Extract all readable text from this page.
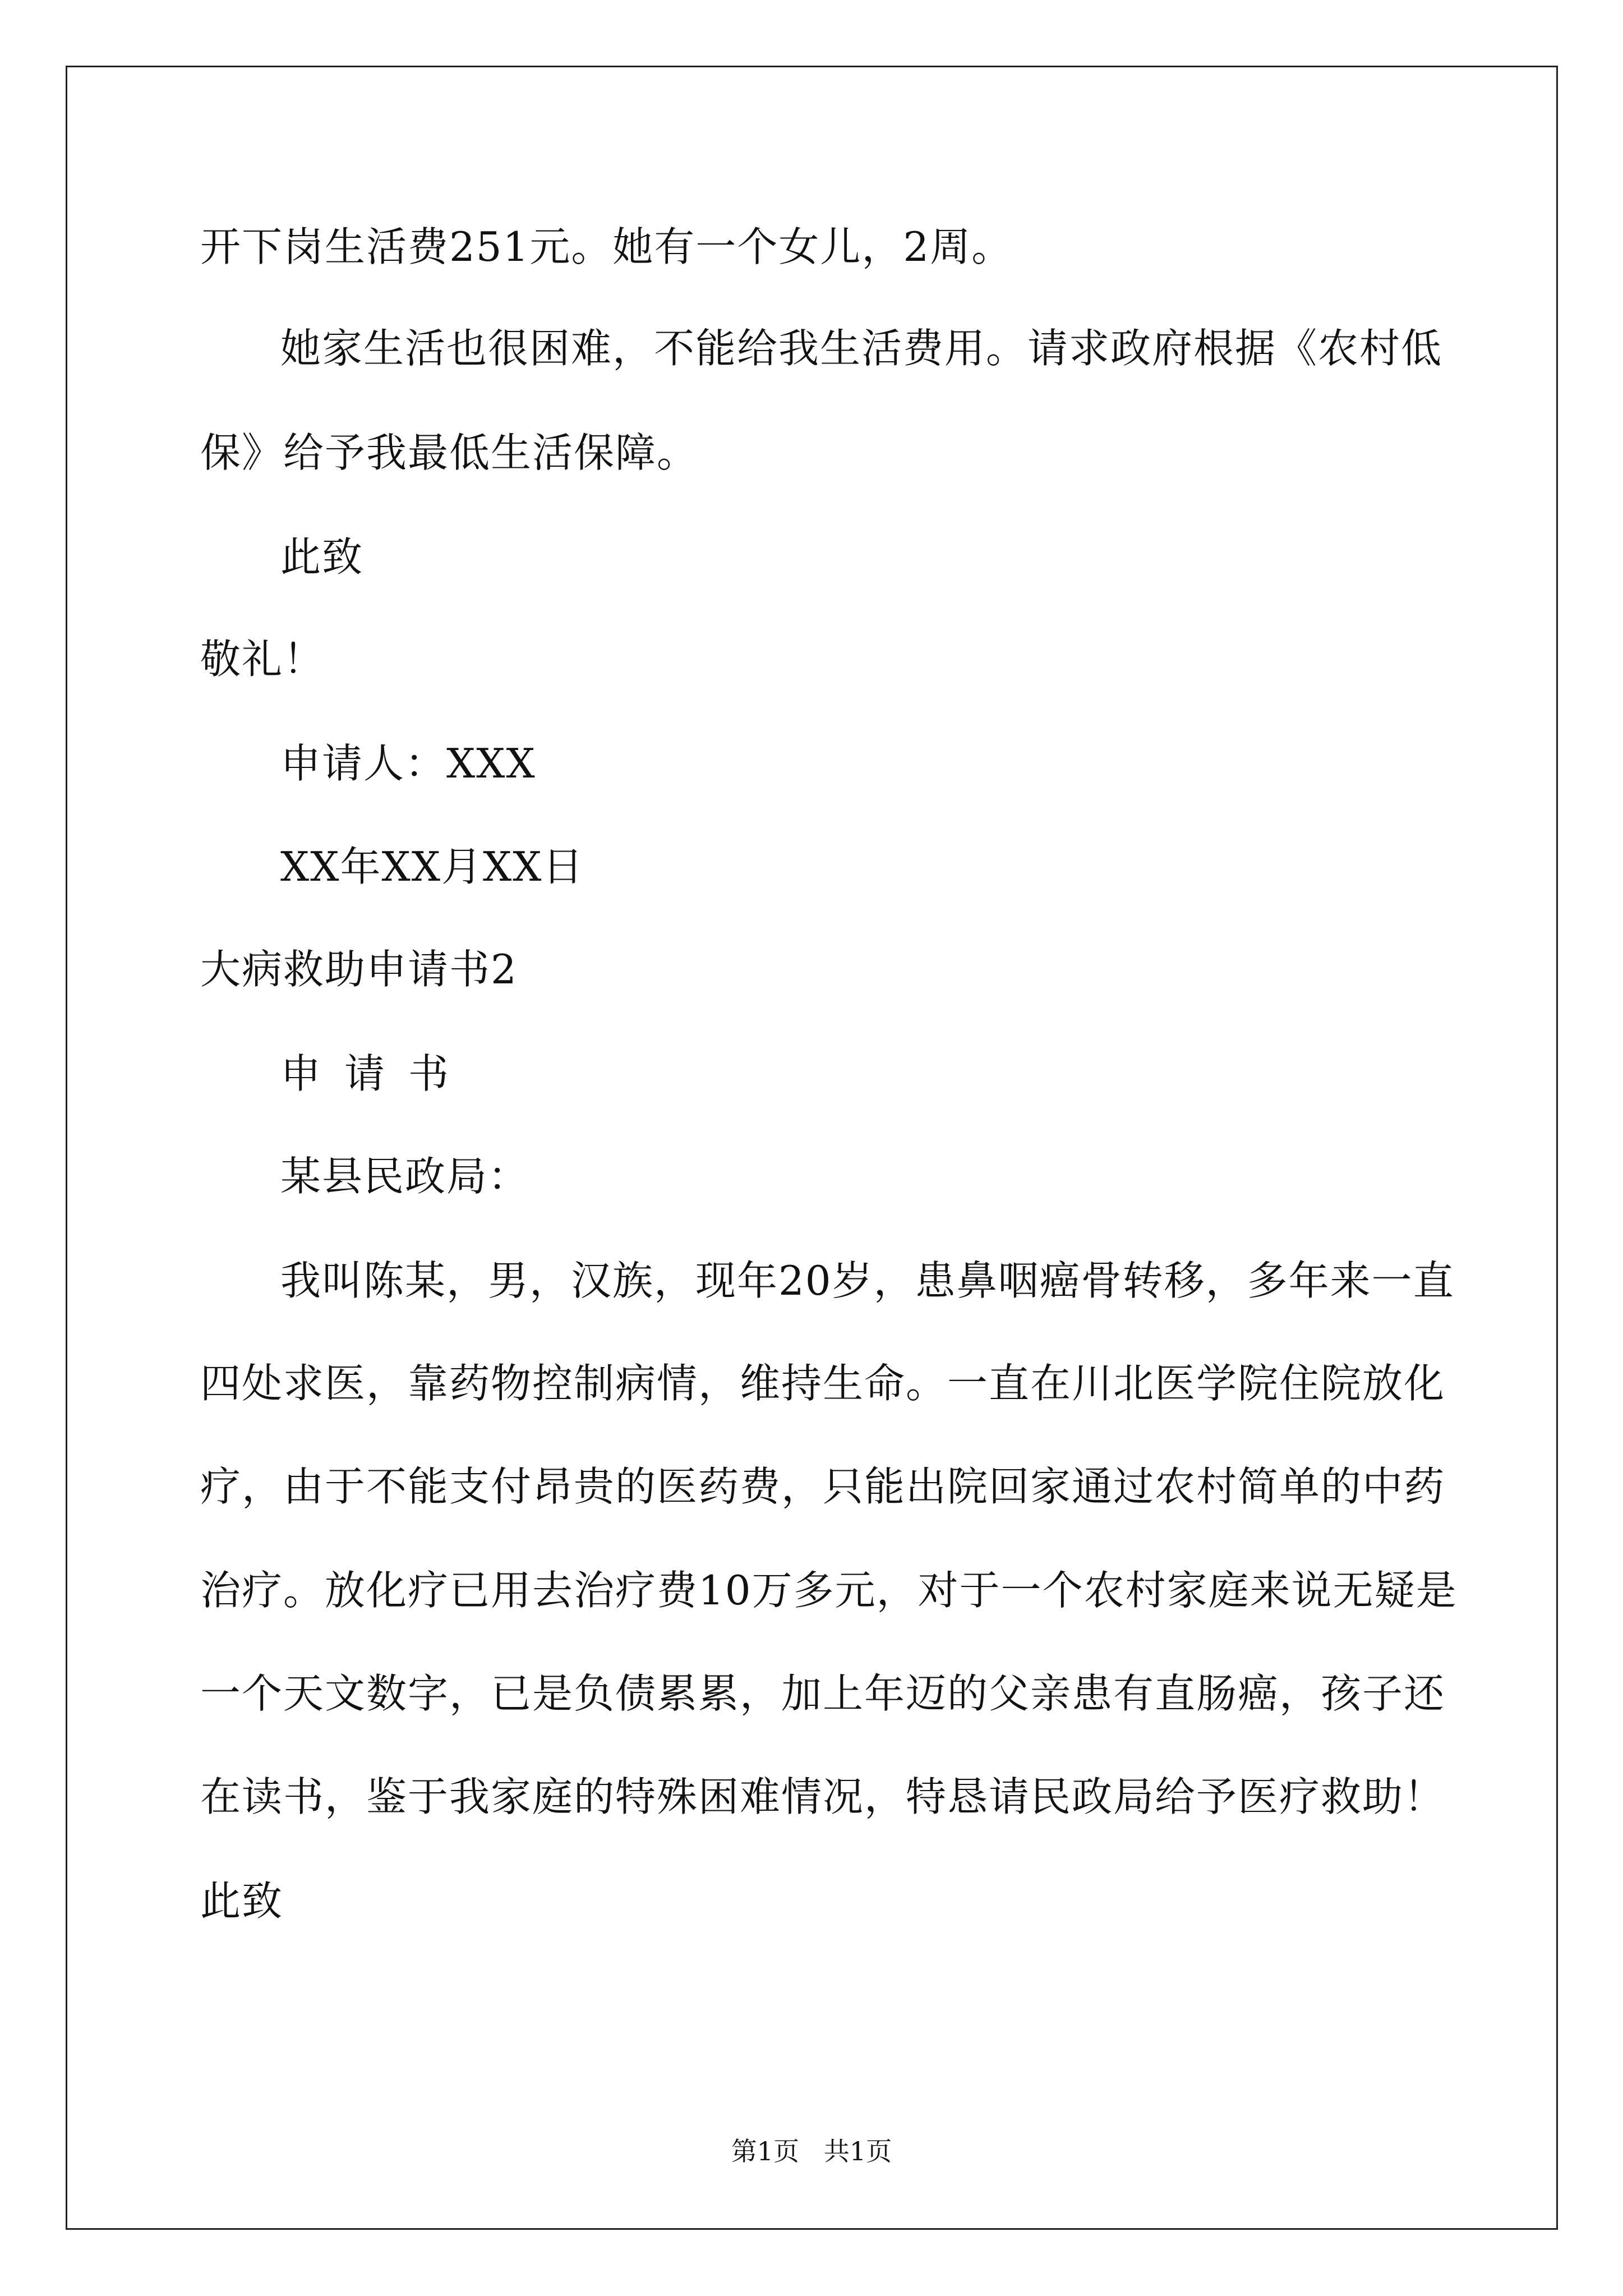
开下岗生活费251元。她有一个女儿，2周。
她家生活也很困难，不能给我生活费用。请求政府根据《农村低
保》给予我最低生活保障。
此致
敬礼！
申请人：XXX
XX年XX月XX日
大病救助申请书2
申请书
某县民政局：
我叫陈某，男，汉族，现年20岁，患鼻咽癌骨转移，多年来一直
四处求医，靠药物控制病情，维持生命。一直在川北医学院住院放化
疗，由于不能支付昂贵的医药费，只能出院回家通过农村简单的中药
治疗。放化疗已用去治疗费10万多元，对于一个农村家庭来说无疑是
一个天文数字，已是负债累累，加上年迈的父亲患有直肠癌，孩子还
在读书，鉴于我家庭的特殊困难情况，特恳请民政局给予医疗救助！
此致
第1页   共1页
